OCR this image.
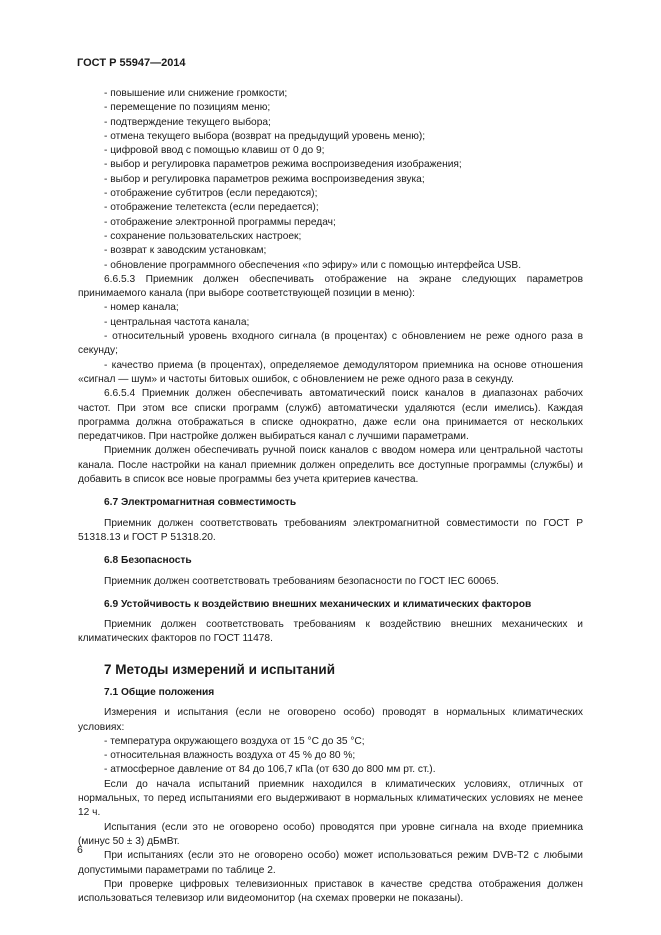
ГОСТ Р 55947—2014

- повышение или снижение громкости;

- перемещение по позициям меню;

- подтверждение текущего выбора;

- отмена текущего выбора (возврат на предыдущий уровень меню);

- цифровой ввод с помощью клавиш от 0 до 9;

- выбор и регулировка параметров режима воспроизведения изображения;

- выбор и регулировка параметров режима воспроизведения звука;

- отображение субтитров (если передаются);

- отображение телетекста (если передается);

- отображение электронной программы передач;

- сохранение пользовательских настроек;

- возврат к заводским установкам;

- обновление программного обеспечения «по эфиру» или с помощью интерфейса USB.

6.6.5.3 Приемник должен обеспечивать отображение на экране следующих параметров принимаемого канала (при выборе соответствующей позиции в меню):

- номер канала;

- центральная частота канала;

- относительный уровень входного сигнала (в процентах) с обновлением не реже одного раза в секунду;

- качество приема (в процентах), определяемое демодулятором приемника на основе отношения «сигнал — шум» и частоты битовых ошибок, с обновлением не реже одного раза в секунду.

6.6.5.4 Приемник должен обеспечивать автоматический поиск каналов в диапазонах рабочих частот. При этом все списки программ (служб) автоматически удаляются (если имелись). Каждая программа должна отображаться в списке однократно, даже если она принимается от нескольких передатчиков. При настройке должен выбираться канал с лучшими параметрами.

Приемник должен обеспечивать ручной поиск каналов с вводом номера или центральной частоты канала. После настройки на канал приемник должен определить все доступные программы (службы) и добавить в список все новые программы без учета критериев качества.

6.7 Электромагнитная совместимость

Приемник должен соответствовать требованиям электромагнитной совместимости по ГОСТ Р 51318.13 и ГОСТ Р 51318.20.

6.8 Безопасность

Приемник должен соответствовать требованиям безопасности по ГОСТ IEC 60065.

6.9 Устойчивость к воздействию внешних механических и климатических факторов

Приемник должен соответствовать требованиям к воздействию внешних механических и климатических факторов по ГОСТ 11478.

7 Методы измерений и испытаний

7.1 Общие положения

Измерения и испытания (если не оговорено особо) проводят в нормальных климатических условиях:

- температура окружающего воздуха от 15 °С до 35 °С;

- относительная влажность воздуха от 45 % до 80 %;

- атмосферное давление от 84 до 106,7 кПа (от 630 до 800 мм рт. ст.).

Если до начала испытаний приемник находился в климатических условиях, отличных от нормальных, то перед испытаниями его выдерживают в нормальных климатических условиях не менее 12 ч.

Испытания (если это не оговорено особо) проводятся при уровне сигнала на входе приемника (минус 50 ± 3) дБмВт.

При испытаниях (если это не оговорено особо) может использоваться режим DVB-T2 с любыми допустимыми параметрами по таблице 2.

При проверке цифровых телевизионных приставок в качестве средства отображения должен использоваться телевизор или видеомонитор (на схемах проверки не показаны).

6
